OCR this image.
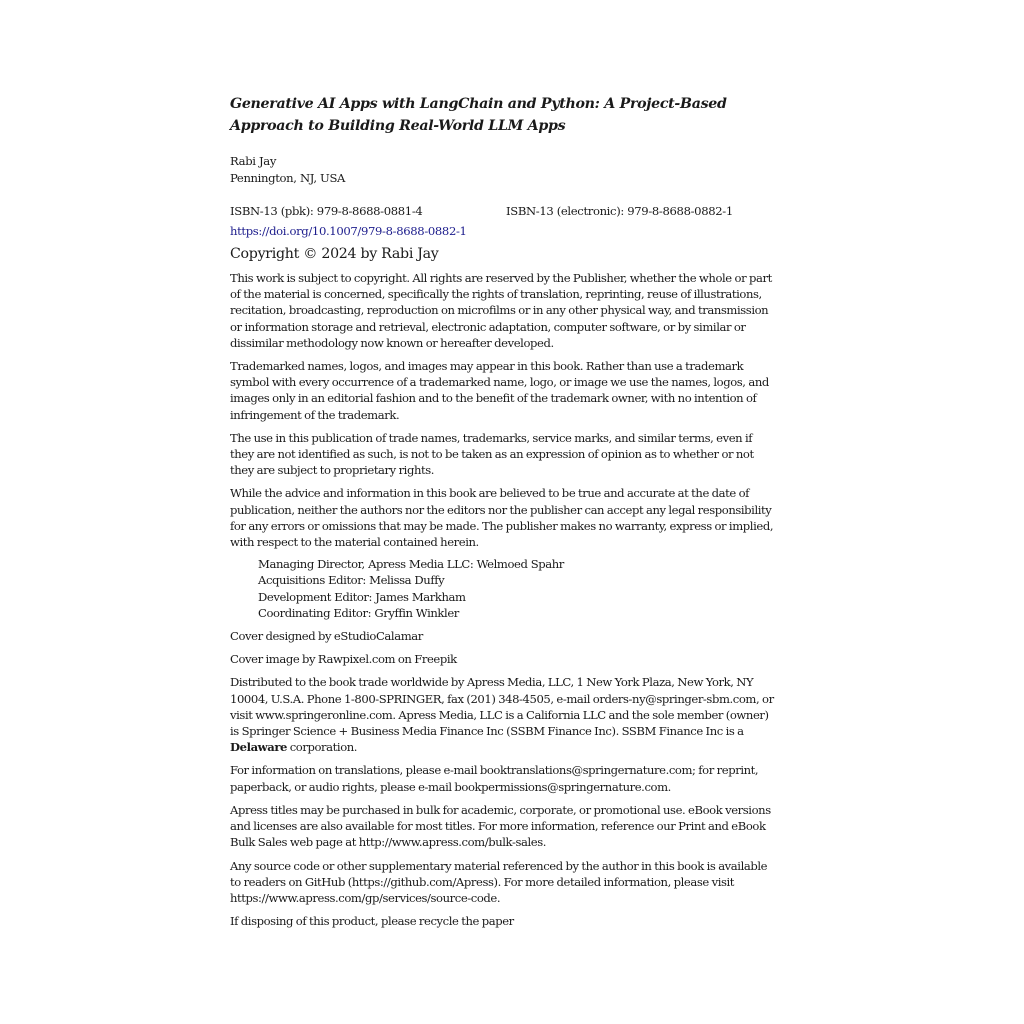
Generative AI Apps with LangChain and Python: A Project-Based
Approach to Building Real-World LLM Apps
Rabi Jay
Pennington, NJ, USA
ISBN-13 (pbk): 979-8-8688-0881-4	ISBN-13 (electronic): 979-8-8688-0882-1
https://doi.org/10.1007/979-8-8688-0882-1
Copyright © 2024 by Rabi Jay

This work is subject to copyright. All rights are reserved by the Publisher, whether the whole or part of the material is concerned, specifically the rights of translation, reprinting, reuse of illustrations, recitation, broadcasting, reproduction on microfilms or in any other physical way, and transmission or information storage and retrieval, electronic adaptation, computer software, or by similar or dissimilar methodology now known or hereafter developed.

Trademarked names, logos, and images may appear in this book. Rather than use a trademark symbol with every occurrence of a trademarked name, logo, or image we use the names, logos, and images only in an editorial fashion and to the benefit of the trademark owner, with no intention of infringement of the trademark.

The use in this publication of trade names, trademarks, service marks, and similar terms, even if they are not identified as such, is not to be taken as an expression of opinion as to whether or not they are subject to proprietary rights.

While the advice and information in this book are believed to be true and accurate at the date of publication, neither the authors nor the editors nor the publisher can accept any legal responsibility for any errors or omissions that may be made. The publisher makes no warranty, express or implied, with respect to the material contained herein.

Managing Director, Apress Media LLC: Welmoed Spahr
Acquisitions Editor: Melissa Duffy
Development Editor: James Markham
Coordinating Editor: Gryffin Winkler

Cover designed by eStudioCalamar

Cover image by Rawpixel.com on Freepik

Distributed to the book trade worldwide by Apress Media, LLC, 1 New York Plaza, New York, NY 10004, U.S.A. Phone 1-800-SPRINGER, fax (201) 348-4505, e-mail orders-ny@springer-sbm.com, or visit www.springeronline.com. Apress Media, LLC is a California LLC and the sole member (owner) is Springer Science + Business Media Finance Inc (SSBM Finance Inc). SSBM Finance Inc is a Delaware corporation.

For information on translations, please e-mail booktranslations@springernature.com; for reprint, paperback, or audio rights, please e-mail bookpermissions@springernature.com.

Apress titles may be purchased in bulk for academic, corporate, or promotional use. eBook versions and licenses are also available for most titles. For more information, reference our Print and eBook Bulk Sales web page at http://www.apress.com/bulk-sales.

Any source code or other supplementary material referenced by the author in this book is available to readers on GitHub (https://github.com/Apress). For more detailed information, please visit https://www.apress.com/gp/services/source-code.

If disposing of this product, please recycle the paper
